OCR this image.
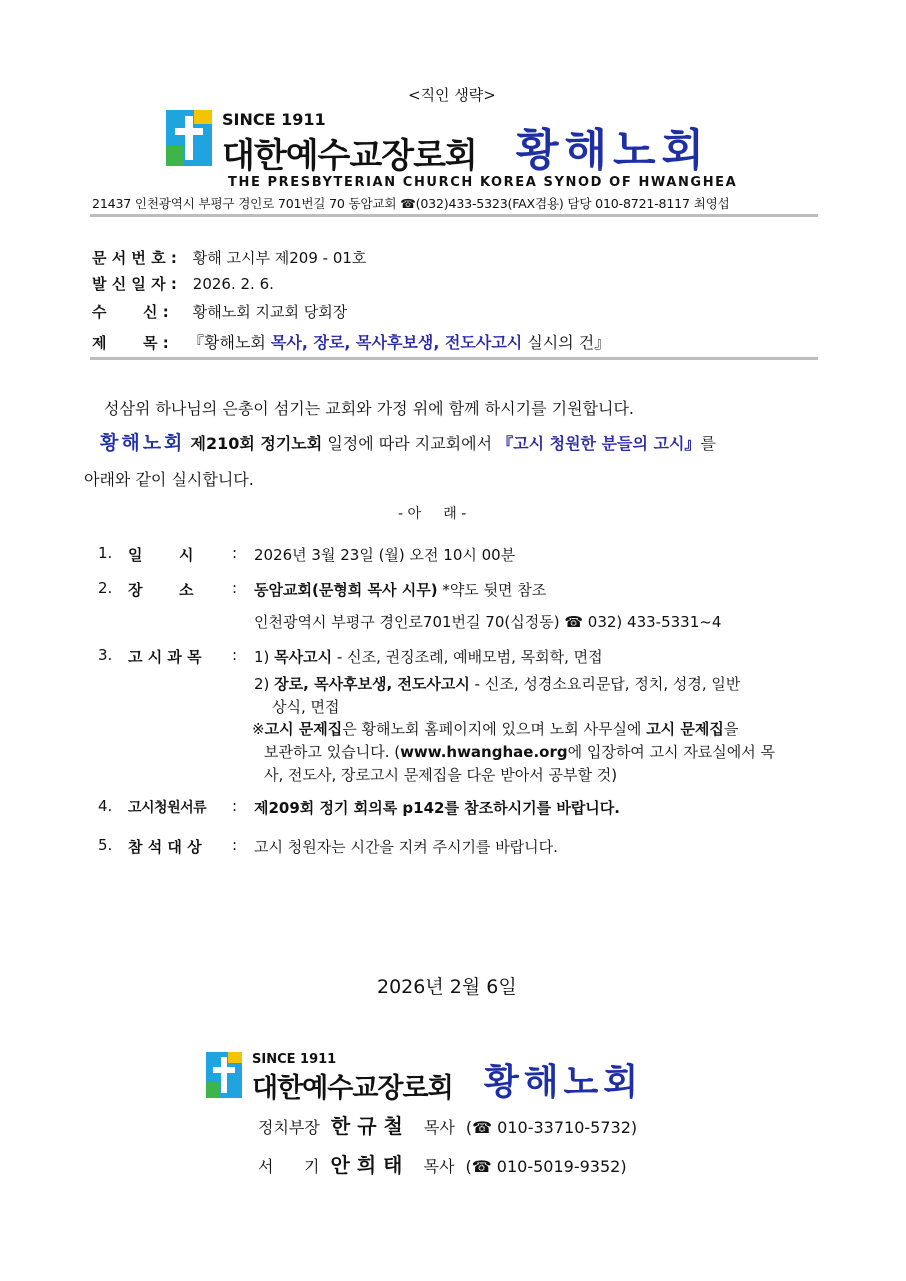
<직인 생략>
SINCE 1911
대한예수교장로회 황해노회
THE PRESBYTERIAN CHURCH KOREA SYNOD OF HWANGHEA
21437 인천광역시 부평구 경인로 701번길 70 동암교회 ☎(032)433-5323(FAX겸용) 담당 010-8721-8117 최영섭
문 서 번 호 : 황해 고시부 제209 - 01호
발 신 일 자 : 2026. 2. 6.
수       신 : 황해노회 지교회 당회장
제       목 : 『황해노회 목사, 장로, 목사후보생, 전도사고시 실시의 건』
성삼위 하나님의 은총이 섬기는 교회와 가정 위에 함께 하시기를 기원합니다.
황해노회 제210회 정기노회 일정에 따라 지교회에서 『고시 청원한 분들의 고시』를
아래와 같이 실시합니다.
- 아     래 -
1. 일       시	: 2026년 3월 23일 (월) 오전 10시 00분
2. 장       소	: 동암교회(문형희 목사 시무) *약도 뒷면 참조
인천광역시 부평구 경인로701번길 70(십정동) ☎ 032) 433-5331~4
3. 고 시 과 목 : 1) 목사고시 - 신조, 권징조례, 예배모범, 목회학, 면접
2) 장로, 목사후보생, 전도사고시 - 신조, 성경소요리문답, 정치, 성경, 일반
상식, 면접
※고시 문제집은 황해노회 홈페이지에 있으며 노회 사무실에 고시 문제집을
보관하고 있습니다. (www.hwanghae.org에 입장하여 고시 자료실에서 목
사, 전도사, 장로고시 문제집을 다운 받아서 공부할 것)
4. 고시청원서류 : 제209회 정기 회의록 p142를 참조하시기를 바랍니다.
5. 참 석 대 상 : 고시 청원자는 시간을 지켜 주시기를 바랍니다.
2026년 2월 6일
SINCE 1911
대한예수교장로회 황해노회
정치부장 한 규 철 목사 (☎ 010-33710-5732)
서      기 안 희 태 목사 (☎ 010-5019-9352)
